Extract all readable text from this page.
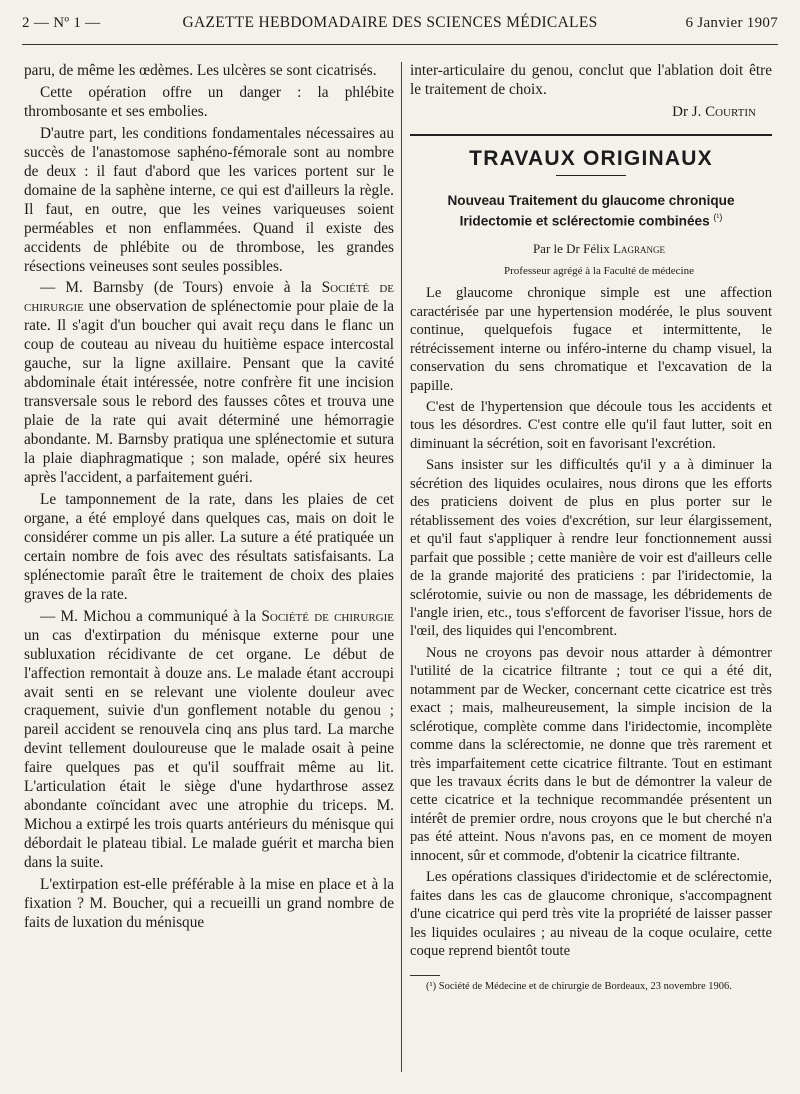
2 — Nº 1 —	GAZETTE HEBDOMADAIRE DES SCIENCES MÉDICALES	6 Janvier 1907

paru, de même les œdèmes. Les ulcères se sont cicatrisés.

Cette opération offre un danger : la phlébite thrombosante et ses embolies.

D'autre part, les conditions fondamentales nécessaires au succès de l'anastomose saphéno-fémorale sont au nombre de deux : il faut d'abord que les varices portent sur le domaine de la saphène interne, ce qui est d'ailleurs la règle. Il faut, en outre, que les veines variqueuses soient perméables et non enflammées. Quand il existe des accidents de phlébite ou de thrombose, les grandes résections veineuses sont seules possibles.

— M. Barnsby (de Tours) envoie à la Société de chirurgie une observation de splénectomie pour plaie de la rate. Il s'agit d'un boucher qui avait reçu dans le flanc un coup de couteau au niveau du huitième espace intercostal gauche, sur la ligne axillaire. Pensant que la cavité abdominale était intéressée, notre confrère fit une incision transversale sous le rebord des fausses côtes et trouva une plaie de la rate qui avait déterminé une hémorragie abondante. M. Barnsby pratiqua une splénectomie et sutura la plaie diaphragmatique ; son malade, opéré six heures après l'accident, a parfaitement guéri.

Le tamponnement de la rate, dans les plaies de cet organe, a été employé dans quelques cas, mais on doit le considérer comme un pis aller. La suture a été pratiquée un certain nombre de fois avec des résultats satisfaisants. La splénectomie paraît être le traitement de choix des plaies graves de la rate.

— M. Michou a communiqué à la Société de chirurgie un cas d'extirpation du ménisque externe pour une subluxation récidivante de cet organe. Le début de l'affection remontait à douze ans. Le malade étant accroupi avait senti en se relevant une violente douleur avec craquement, suivie d'un gonflement notable du genou ; pareil accident se renouvela cinq ans plus tard. La marche devint tellement douloureuse que le malade osait à peine faire quelques pas et qu'il souffrait même au lit. L'articulation était le siège d'une hydarthrose assez abondante coïncidant avec une atrophie du triceps. M. Michou a extirpé les trois quarts antérieurs du ménisque qui débordait le plateau tibial. Le malade guérit et marcha bien dans la suite.

L'extirpation est-elle préférable à la mise en place et à la fixation ? M. Boucher, qui a recueilli un grand nombre de faits de luxation du ménisque

inter-articulaire du genou, conclut que l'ablation doit être le traitement de choix.

Dr J. Courtin
TRAVAUX ORIGINAUX
Nouveau Traitement du glaucome chronique
Iridectomie et sclérectomie combinées $^{(^1)}$

Par le Dr Félix Lagrange

Professeur agrégé à la Faculté de médecine

Le glaucome chronique simple est une affection caractérisée par une hypertension modérée, le plus souvent continue, quelquefois fugace et intermittente, le rétrécissement interne ou inféro-interne du champ visuel, la conservation du sens chromatique et l'excavation de la papille.

C'est de l'hypertension que découle tous les accidents et tous les désordres. C'est contre elle qu'il faut lutter, soit en diminuant la sécrétion, soit en favorisant l'excrétion.

Sans insister sur les difficultés qu'il y a à diminuer la sécrétion des liquides oculaires, nous dirons que les efforts des praticiens doivent de plus en plus porter sur le rétablissement des voies d'excrétion, sur leur élargissement, et qu'il faut s'appliquer à rendre leur fonctionnement aussi parfait que possible ; cette manière de voir est d'ailleurs celle de la grande majorité des praticiens : par l'iridectomie, la sclérotomie, suivie ou non de massage, les débridements de l'angle irien, etc., tous s'efforcent de favoriser l'issue, hors de l'œil, des liquides qui l'encombrent.

Nous ne croyons pas devoir nous attarder à démontrer l'utilité de la cicatrice filtrante ; tout ce qui a été dit, notamment par de Wecker, concernant cette cicatrice est très exact ; mais, malheureusement, la simple incision de la sclérotique, complète comme dans l'iridectomie, incomplète comme dans la sclérectomie, ne donne que très rarement et très imparfaitement cette cicatrice filtrante. Tout en estimant que les travaux écrits dans le but de démontrer la valeur de cette cicatrice et la technique recommandée présentent un intérêt de premier ordre, nous croyons que le but cherché n'a pas été atteint. Nous n'avons pas, en ce moment de moyen innocent, sûr et commode, d'obtenir la cicatrice filtrante.

Les opérations classiques d'iridectomie et de sclérectomie, faites dans les cas de glaucome chronique, s'accompagnent d'une cicatrice qui perd très vite la propriété de laisser passer les liquides oculaires ; au niveau de la coque oculaire, cette coque reprend bientôt toute

(¹) Société de Médecine et de chirurgie de Bordeaux, 23 novembre 1906.
